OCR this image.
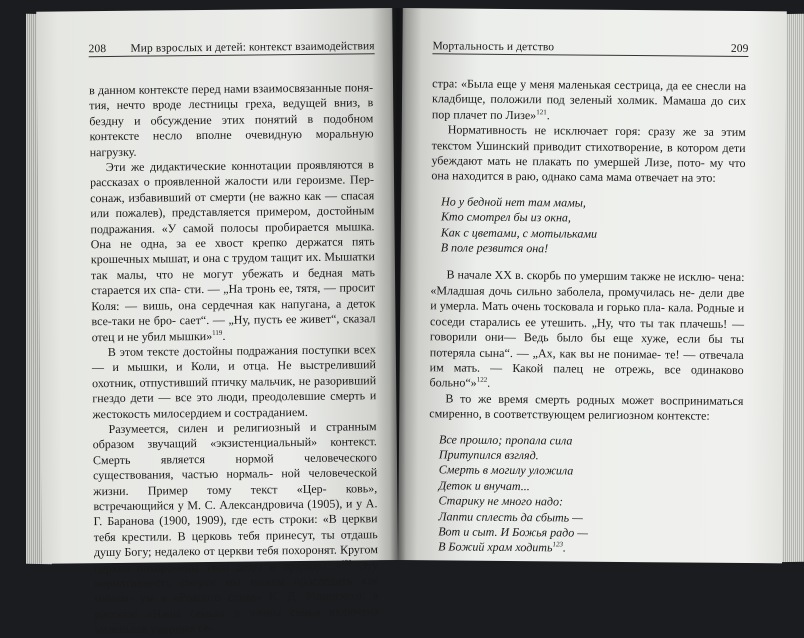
208 Мир взрослых и детей: контекст взаимодействия

в данном контексте перед нами взаимосвязанные поня- тия, нечто вроде лестницы греха, ведущей вниз, в бездну и обсуждение этих понятий в подобном контексте несло вполне очевидную моральную нагрузку.

Эти же дидактические коннотации проявляются в рассказах о проявленной жалости или героизме. Пер- сонаж, избавивший от смерти (не важно как — спасая или пожалев), представляется примером, достойным подражания. «У самой полосы пробирается мышка. Она не одна, за ее хвост крепко держатся пять крошечных мышат, и она с трудом тащит их. Мышатки так малы, что не могут убежать и бедная мать старается их спа- сти. — „На тронь ее, тятя, — просит Коля: — вишь, она сердечная как напугана, а деток все-таки не бро- сает“. — „Ну, пусть ее живет“, сказал отец и не убил мышки»$^{119}$.

В этом тексте достойны подражания поступки всех — и мышки, и Коли, и отца. Не выстреливший охотник, отпустивший птичку мальчик, не разоривший гнездо дети — все это люди, преодолевшие смерть и жестокость милосердием и состраданием.

Разумеется, силен и религиозный и странным образом звучащий «экзистенциальный» контекст. Смерть является нормой человеческого существования, частью нормаль- ной человеческой жизни. Пример тому текст «Цер- ковь», встречающийся у М. С. Александровича (1905), и у А. Г. Баранова (1900, 1909), где есть строки: «В церкви тебя крестили. В церковь тебя принесут, ты отдашь душу Богу; недалеко от церкви тебя похоронят. Кругом церкви похоронены твои деды и прадеды...»$^{120}$ Эту нормативность смерти мы можем проследить как миним- ум в «Родного слова» К. Д. Ушинского: в рассказе «Наша семья» в члены семьи включена маленькая умершая се-

Мортальность и детство	209

стра: «Была еще у меня маленькая сестрица, да ее снесли на кладбище, положили под зеленый холмик. Мамаша до сих пор плачет по Лизе»$^{121}$.

Нормативность не исключает горя: сразу же за этим текстом Ушинский приводит стихотворение, в котором дети убеждают мать не плакать по умершей Лизе, пото- му что она находится в раю, однако сама мама отвечает на это:

Но у бедной нет там мамы,
Кто смотрел бы из окна,
Как с цветами, с мотыльками
В поле резвится она!

В начале XX в. скорбь по умершим также не исклю- чена: «Младшая дочь сильно заболела, промучилась не- дели две и умерла. Мать очень тосковала и горько пла- кала. Родные и соседи старались ее утешить. „Ну, что ты так плачешь! — говорили они— Ведь было бы еще хуже, если бы ты потеряла сына“. — „Ах, как вы не понимае- те! — отвечала им мать. — Какой палец не отрежь, все одинаково больно“»$^{122}$.

В то же время смерть родных может восприниматься смиренно, в соответствующем религиозном контексте:

Все прошло; пропала сила
Притупился взгляд.
Смерть в могилу уложила
Деток и внучат...
Старику не много надо:
Лапти сплесть да сбыть —
Вот и сыт. И Божья радо —
В Божий храм ходить$^{123}$.
